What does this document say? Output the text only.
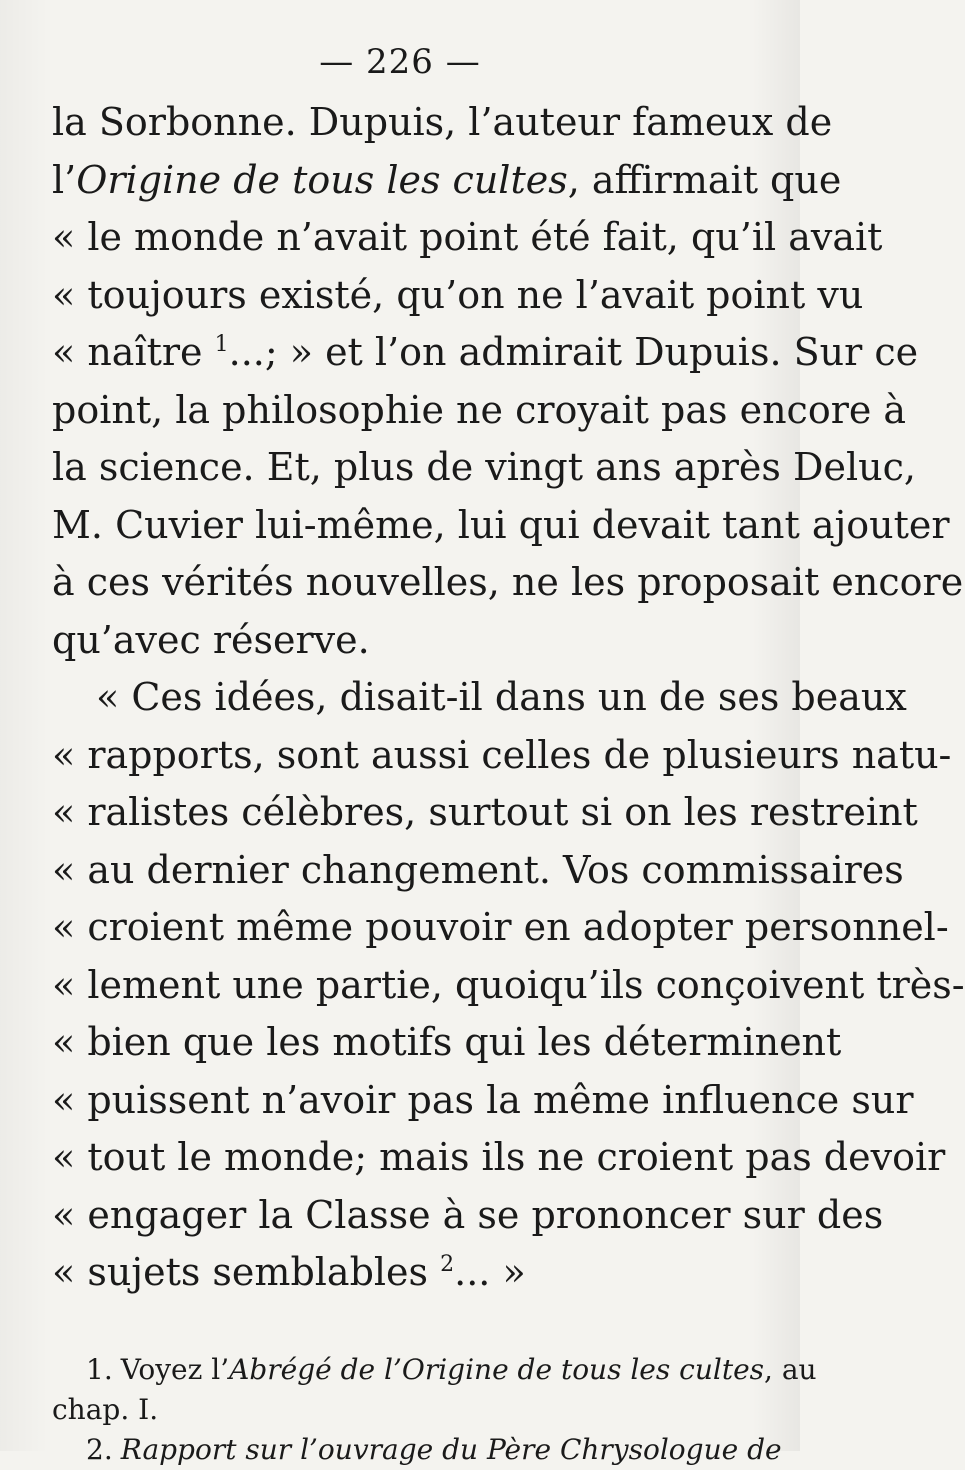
— 226 —
la Sorbonne. Dupuis, l’auteur fameux de
l’Origine de tous les cultes, affirmait que
« le monde n’avait point été fait, qu’il avait
« toujours existé, qu’on ne l’avait point vu
« naître $^1$...; » et l’on admirait Dupuis. Sur ce
point, la philosophie ne croyait pas encore à
la science. Et, plus de vingt ans après Deluc,
M. Cuvier lui-même, lui qui devait tant ajouter
à ces vérités nouvelles, ne les proposait encore
qu’avec réserve.
« Ces idées, disait-il dans un de ses beaux
« rapports, sont aussi celles de plusieurs natu-
« ralistes célèbres, surtout si on les restreint
« au dernier changement. Vos commissaires
« croient même pouvoir en adopter personnel-
« lement une partie, quoiqu’ils conçoivent très-
« bien que les motifs qui les déterminent
« puissent n’avoir pas la même influence sur
« tout le monde; mais ils ne croient pas devoir
« engager la Classe à se prononcer sur des
« sujets semblables $^2$... »
1. Voyez l’Abrégé de l’Origine de tous les cultes, au
chap. I.
2. Rapport sur l’ouvrage du Père Chrysologue de
